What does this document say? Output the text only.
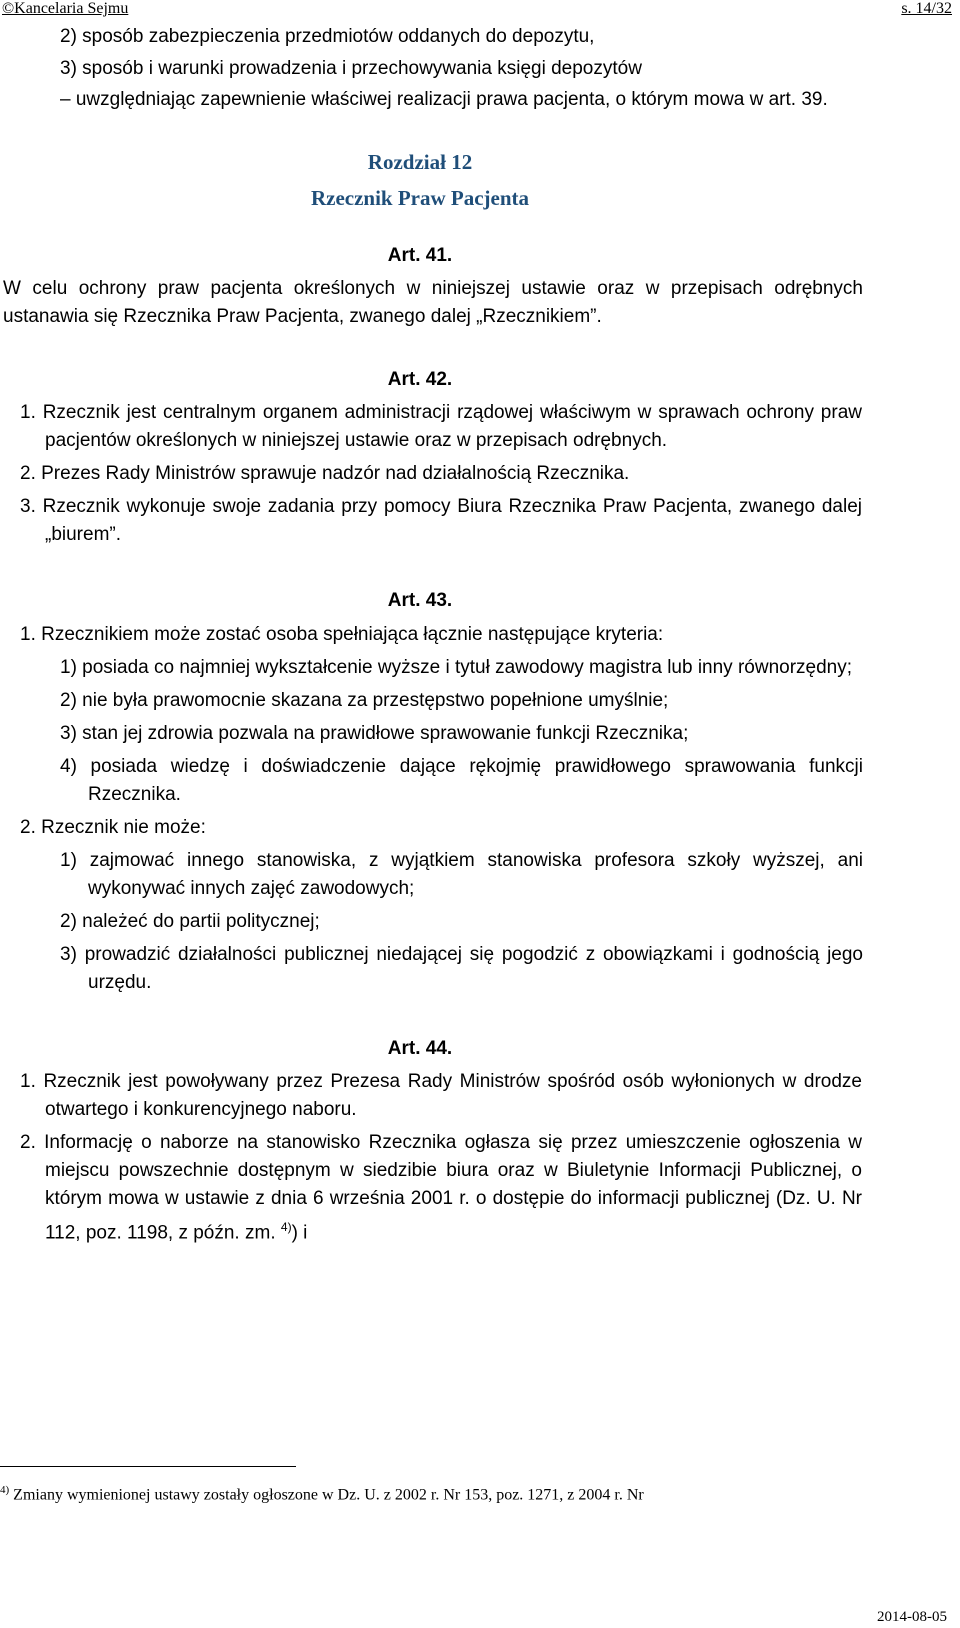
©Kancelaria Sejmu	s. 14/32
2) sposób zabezpieczenia przedmiotów oddanych do depozytu,
3) sposób i warunki prowadzenia i przechowywania księgi depozytów
– uwzględniając zapewnienie właściwej realizacji prawa pacjenta, o którym mowa w art. 39.
Rozdział 12
Rzecznik Praw Pacjenta
Art. 41.
W celu ochrony praw pacjenta określonych w niniejszej ustawie oraz w przepisach odrębnych ustanawia się Rzecznika Praw Pacjenta, zwanego dalej „Rzecznikiem”.
Art. 42.
1. Rzecznik jest centralnym organem administracji rządowej właściwym w sprawach ochrony praw pacjentów określonych w niniejszej ustawie oraz w przepisach odrębnych.
2. Prezes Rady Ministrów sprawuje nadzór nad działalnością Rzecznika.
3. Rzecznik wykonuje swoje zadania przy pomocy Biura Rzecznika Praw Pacjenta, zwanego dalej „biurem”.
Art. 43.
1. Rzecznikiem może zostać osoba spełniająca łącznie następujące kryteria:
1) posiada co najmniej wykształcenie wyższe i tytuł zawodowy magistra lub inny równorzędny;
2) nie była prawomocnie skazana za przestępstwo popełnione umyślnie;
3) stan jej zdrowia pozwala na prawidłowe sprawowanie funkcji Rzecznika;
4) posiada wiedzę i doświadczenie dające rękojmię prawidłowego sprawowania funkcji Rzecznika.
2. Rzecznik nie może:
1) zajmować innego stanowiska, z wyjątkiem stanowiska profesora szkoły wyższej, ani wykonywać innych zajęć zawodowych;
2) należeć do partii politycznej;
3) prowadzić działalności publicznej niedającej się pogodzić z obowiązkami i godnością jego urzędu.
Art. 44.
1. Rzecznik jest powoływany przez Prezesa Rady Ministrów spośród osób wyłonionych w drodze otwartego i konkurencyjnego naboru.
2. Informację o naborze na stanowisko Rzecznika ogłasza się przez umieszczenie ogłoszenia w miejscu powszechnie dostępnym w siedzibie biura oraz w Biuletynie Informacji Publicznej, o którym mowa w ustawie z dnia 6 września 2001 r. o dostępie do informacji publicznej (Dz. U. Nr 112, poz. 1198, z późn. zm. $^{4)}$) i
$^{4)}$ Zmiany wymienionej ustawy zostały ogłoszone w Dz. U. z 2002 r. Nr 153, poz. 1271, z 2004 r. Nr
2014-08-05
